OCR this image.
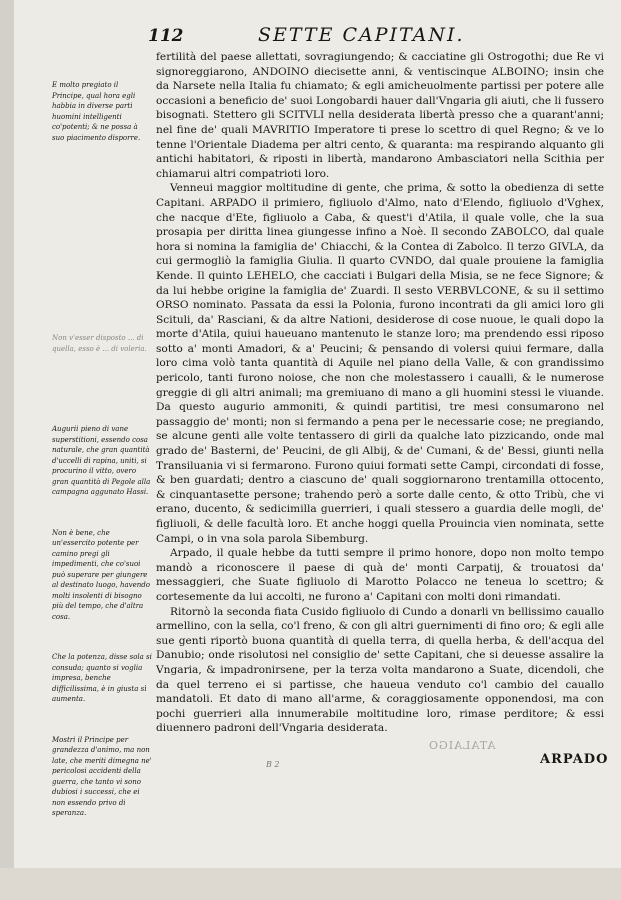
112	SETTE CAPITANI.

E molto pregiato il Principe, qual hora egli habbia in diverse parti huomini intelligenti co'potenti; & ne possa à suo piacimento disporre.

Non v'esser disposto ... di quella, esso è ... di voleria.

Augurii pieno di vane superstitioni, essendo cosa naturale, che gran quantità d'uccelli di rapina, uniti, si procurino il vitto, overo gran quantità di Pegole alla campagna aggunato Hassi.

Non è bene, che un'essercito potente per camino pregi gli impedimenti, che co'suoi può superare per giungere al destinato luogo, havendo molti insolenti di bisogno più del tempo, che d'altra cosa.

Che la potenza, disse sola si consuda; quanto si voglia impresa, benche difficilissima, è in giusta sì aumenta.

Mostri il Principe per grandezza d'animo, ma non late, che meriti dimegna ne' pericolosi accidenti della guerra, che tanto vi sono dubiosi i successi, che ei non essendo privo di speranza.

fertilità del paese allettati, sovragiungendo; & cacciatine gli Ostrogothi; due Re vi signoreggiarono, ANDOINO diecisette anni, & ventiscinque ALBOINO; insin che da Narsete nella Italia fu chiamato; & egli amicheuolmente partissi per potere alle occasioni a beneficio de' suoi Longobardi hauer dall'Vngaria gli aiuti, che li fussero bisognati. Stettero gli SCITVLI nella desiderata libertà presso che a quarant'anni; nel fine de' quali MAVRITIO Imperatore ti prese lo scettro di quel Regno; & ve lo tenne l'Orientale Diadema per altri cento, & quaranta: ma respirando alquanto gli antichi habitatori, & riposti in libertà, mandarono Ambasciatori nella Scithia per chiamarui altri compatrioti loro.

Venneui maggior moltitudine di gente, che prima, & sotto la obedienza di sette Capitani. ARPADO il primiero, figliuolo d'Almo, nato d'Elendo, figliuolo d'Vghex, che nacque d'Ete, figliuolo a Caba, & quest'i d'Atila, il quale volle, che la sua prosapia per diritta linea giungesse infino a Noè. Il secondo ZABOLCO, dal quale hora si nomina la famiglia de' Chiacchi, & la Contea di Zabolco. Il terzo GIVLA, da cui germogliò la famiglia Giulia. Il quarto CVNDO, dal quale prouiene la famiglia Kende. Il quinto LEHELO, che cacciati i Bulgari della Misia, se ne fece Signore; & da lui hebbe origine la famiglia de' Zuardi. Il sesto VERBVLCONE, & su il settimo ORSO nominato. Passata da essi la Polonia, furono incontrati da gli amici loro gli Scituli, da' Rasciani, & da altre Nationi, desiderose di cose nuoue, le quali dopo la morte d'Atila, quiui haueuano mantenuto le stanze loro; ma prendendo essi riposo sotto a' monti Amadori, & a' Peucini; & pensando di volersi quiui fermare, dalla loro cima volò tanta quantità di Aquile nel piano della Valle, & con grandissimo pericolo, tanti furono noiose, che non che molestassero i caualli, & le numerose greggie di gli altri animali; ma gremiuano di mano a gli huomini stessi le viuande. Da questo augurio ammoniti, & quindi partitisi, tre mesi consumarono nel passaggio de' monti; non si fermando a pena per le necessarie cose; ne pregiando, se alcune genti alle volte tentassero di girli da qualche lato pizzicando, onde mal grado de' Basterni, de' Peucini, de gli Albij, & de' Cumani, & de' Bessi, giunti nella Transiluania vi si fermarono. Furono quiui formati sette Campi, circondati di fosse, & ben guardati; dentro a ciascuno de' quali soggiornarono trentamilla ottocento, & cinquantasette persone; trahendo però a sorte dalle cento, & otto Tribù, che vi erano, ducento, & sedicimilla guerrieri, i quali stessero a guardia delle mogli, de' figliuoli, & delle facultà loro. Et anche hoggi quella Prouincia vien nominata, sette Campi, o in vna sola parola Sibemburg.

Arpado, il quale hebbe da tutti sempre il primo honore, dopo non molto tempo mandò a riconoscere il paese di quà de' monti Carpatij, & trouatosi da' messaggieri, che Suate figliuolo di Marotto Polacco ne teneua lo scettro; & cortesemente da lui accolti, ne furono a' Capitani con molti doni rimandati.

Ritornò la seconda fiata Cusido figliuolo di Cundo a donarli vn bellissimo cauallo armellino, con la sella, co'l freno, & con gli altri guernimenti di fino oro; & egli alle sue genti riportò buona quantità di quella terra, di quella herba, & dell'acqua del Danubio; onde risolutosi nel consiglio de' sette Capitani, che si deuesse assalire la Vngaria, & impadronirsene, per la terza volta mandarono a Suate, dicendoli, che da quel terreno ei si partisse, che haueua venduto co'l cambio del cauallo mandatoli. Et dato di mano all'arme, & coraggiosamente opponendosi, ma con pochi guerrieri alla innumerabile moltitudine loro, rimase perditore; & essi diuennero padroni dell'Vngaria desiderata.

ATALAIGO
B 2	ARPADO
